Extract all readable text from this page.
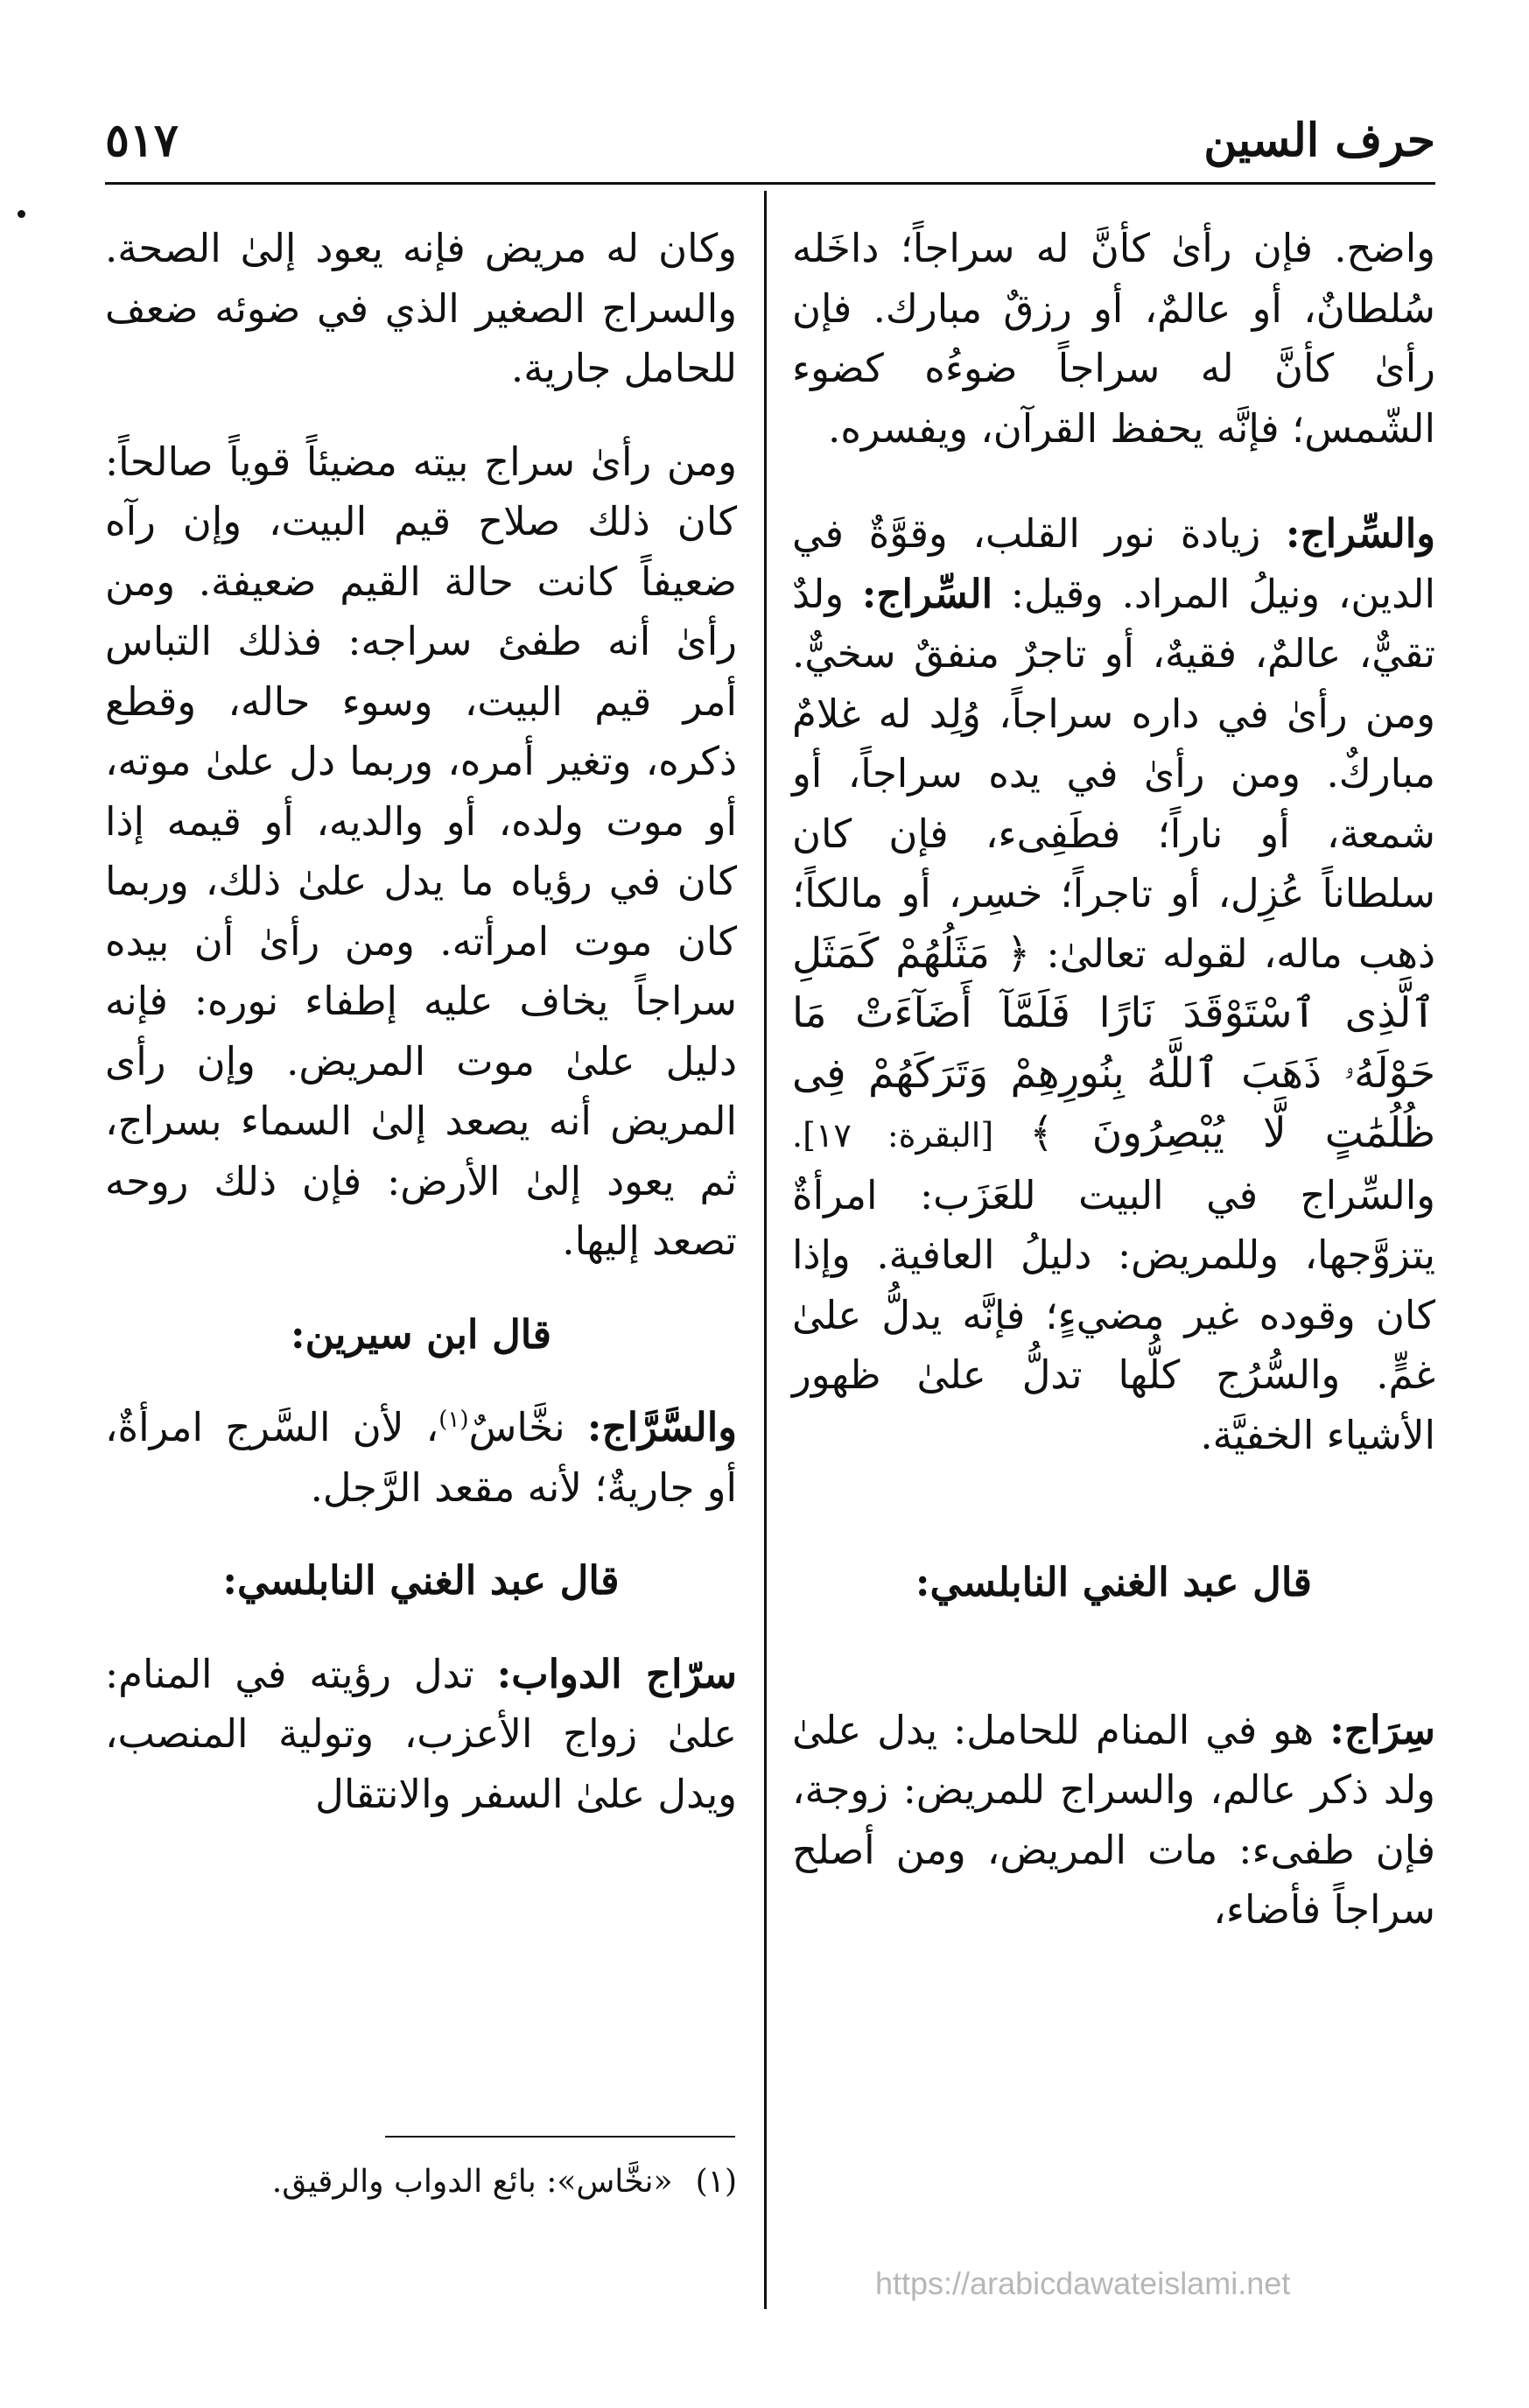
حرف السين
٥١٧

واضح. فإن رأىٰ كأنَّ له سراجاً؛ داخَله سُلطانٌ، أو عالمٌ، أو رزقٌ مبارك. فإن رأىٰ كأنَّ له سراجاً ضوءُه كضوء الشّمس؛ فإنَّه يحفظ القرآن، ويفسره.

والسِّراج: زيادة نور القلب، وقوَّةٌ في الدين، ونيلُ المراد. وقيل: السِّراج: ولدٌ تقيٌّ، عالمٌ، فقيهٌ، أو تاجرٌ منفقٌ سخيٌّ. ومن رأىٰ في داره سراجاً، وُلِد له غلامٌ مباركٌ. ومن رأىٰ في يده سراجاً، أو شمعة، أو ناراً؛ فطَفِىء، فإن كان سلطاناً عُزِل، أو تاجراً؛ خسِر، أو مالكاً؛ ذهب ماله، لقوله تعالىٰ: ﴿ مَثَلُهُمْ كَمَثَلِ ٱلَّذِى ٱسْتَوْقَدَ نَارًا فَلَمَّآ أَضَآءَتْ مَا حَوْلَهُۥ ذَهَبَ ٱللَّهُ بِنُورِهِمْ وَتَرَكَهُمْ فِى ظُلُمَٰتٍ لَّا يُبْصِرُونَ ﴾ [البقرة: ١٧]. والسِّراج في البيت للعَزَب: امرأةٌ يتزوَّجها، وللمريض: دليلُ العافية. وإذا كان وقوده غير مضيءٍ؛ فإنَّه يدلُّ علىٰ غمٍّ. والسُّرُج كلُّها تدلُّ علىٰ ظهور الأشياء الخفيَّة.

قال عبد الغني النابلسي:

سِرَاج: هو في المنام للحامل: يدل علىٰ ولد ذكر عالم، والسراج للمريض: زوجة، فإن طفىء: مات المريض، ومن أصلح سراجاً فأضاء،

وكان له مريض فإنه يعود إلىٰ الصحة. والسراج الصغير الذي في ضوئه ضعف للحامل جارية.

ومن رأىٰ سراج بيته مضيئاً قوياً صالحاً: كان ذلك صلاح قيم البيت، وإن رآه ضعيفاً كانت حالة القيم ضعيفة. ومن رأىٰ أنه طفئ سراجه: فذلك التباس أمر قيم البيت، وسوء حاله، وقطع ذكره، وتغير أمره، وربما دل علىٰ موته، أو موت ولده، أو والديه، أو قيمه إذا كان في رؤياه ما يدل علىٰ ذلك، وربما كان موت امرأته. ومن رأىٰ أن بيده سراجاً يخاف عليه إطفاء نوره: فإنه دليل علىٰ موت المريض. وإن رأى المريض أنه يصعد إلىٰ السماء بسراج، ثم يعود إلىٰ الأرض: فإن ذلك روحه تصعد إليها.

قال ابن سيرين:

والسَّرَّاج: نخَّاسٌ$^{(١)}$، لأن السَّرج امرأةٌ، أو جاريةٌ؛ لأنه مقعد الرَّجل.

قال عبد الغني النابلسي:

سرّاج الدواب: تدل رؤيته في المنام: علىٰ زواج الأعزب، وتولية المنصب، ويدل علىٰ السفر والانتقال

(١)«نخَّاس»: بائع الدواب والرقيق.
https://arabicdawateislami.net
